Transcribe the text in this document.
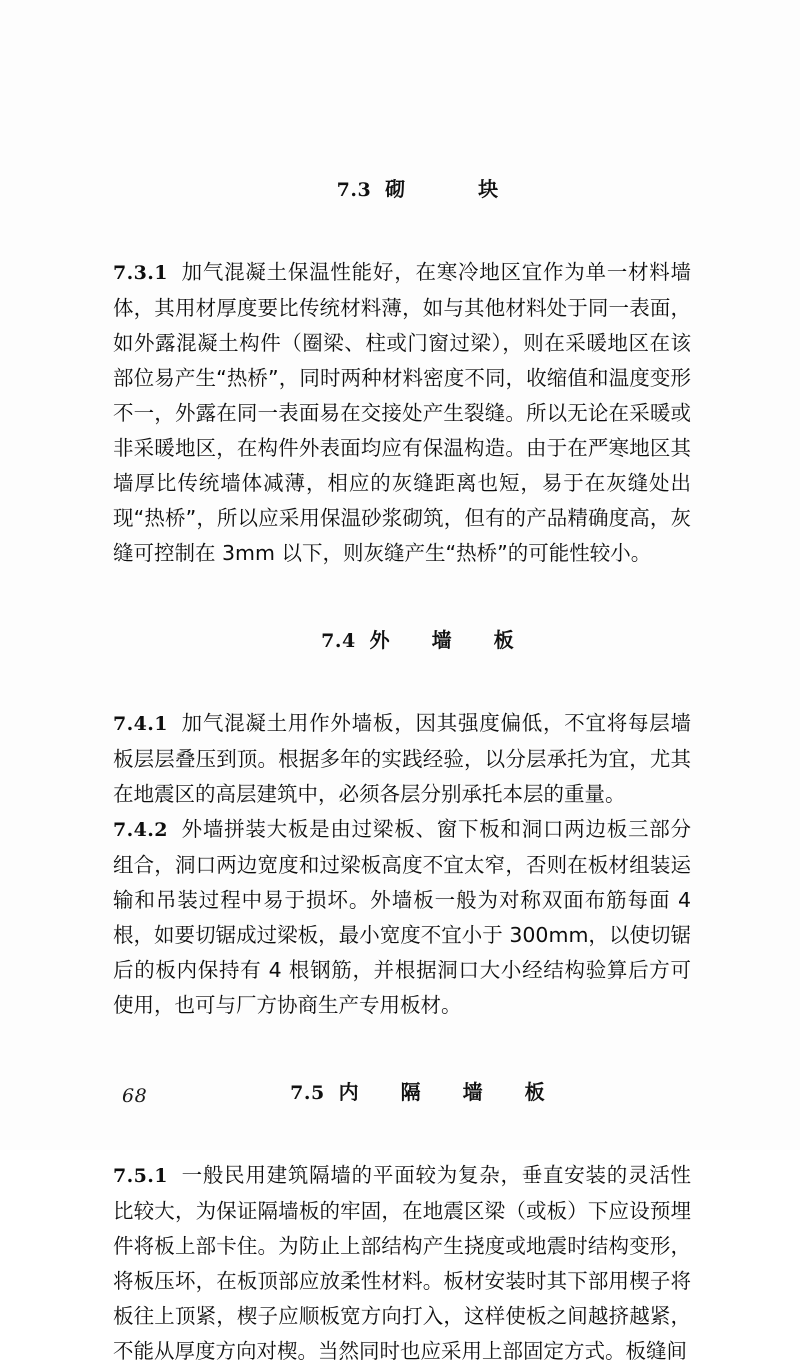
7.3 砌　　块

7.3.1 加气混凝土保温性能好，在寒冷地区宜作为单一材料墙体，其用材厚度要比传统材料薄，如与其他材料处于同一表面，如外露混凝土构件（圈梁、柱或门窗过梁），则在采暖地区在该部位易产生“热桥”，同时两种材料密度不同，收缩值和温度变形不一，外露在同一表面易在交接处产生裂缝。所以无论在采暖或非采暖地区，在构件外表面均应有保温构造。由于在严寒地区其墙厚比传统墙体减薄，相应的灰缝距离也短，易于在灰缝处出现“热桥”，所以应采用保温砂浆砌筑，但有的产品精确度高，灰缝可控制在 3mm 以下，则灰缝产生“热桥”的可能性较小。

7.4 外　墙　板

7.4.1 加气混凝土用作外墙板，因其强度偏低，不宜将每层墙板层层叠压到顶。根据多年的实践经验，以分层承托为宜，尤其在地震区的高层建筑中，必须各层分别承托本层的重量。

7.4.2 外墙拼装大板是由过梁板、窗下板和洞口两边板三部分组合，洞口两边宽度和过梁板高度不宜太窄，否则在板材组装运输和吊装过程中易于损坏。外墙板一般为对称双面布筋每面 4 根，如要切锯成过梁板，最小宽度不宜小于 300mm，以使切锯后的板内保持有 4 根钢筋，并根据洞口大小经结构验算后方可使用，也可与厂方协商生产专用板材。

7.5 内　隔　墙　板

7.5.1 一般民用建筑隔墙的平面较为复杂，垂直安装的灵活性比较大，为保证隔墙板的牢固，在地震区梁（或板）下应设预埋件将板上部卡住。为防止上部结构产生挠度或地震时结构变形，将板压坏，在板顶部应放柔性材料。板材安装时其下部用楔子将板往上顶紧，楔子应顺板宽方向打入，这样使板之间越挤越紧，不能从厚度方向对楔。当然同时也应采用上部固定方式。板缝间

68
